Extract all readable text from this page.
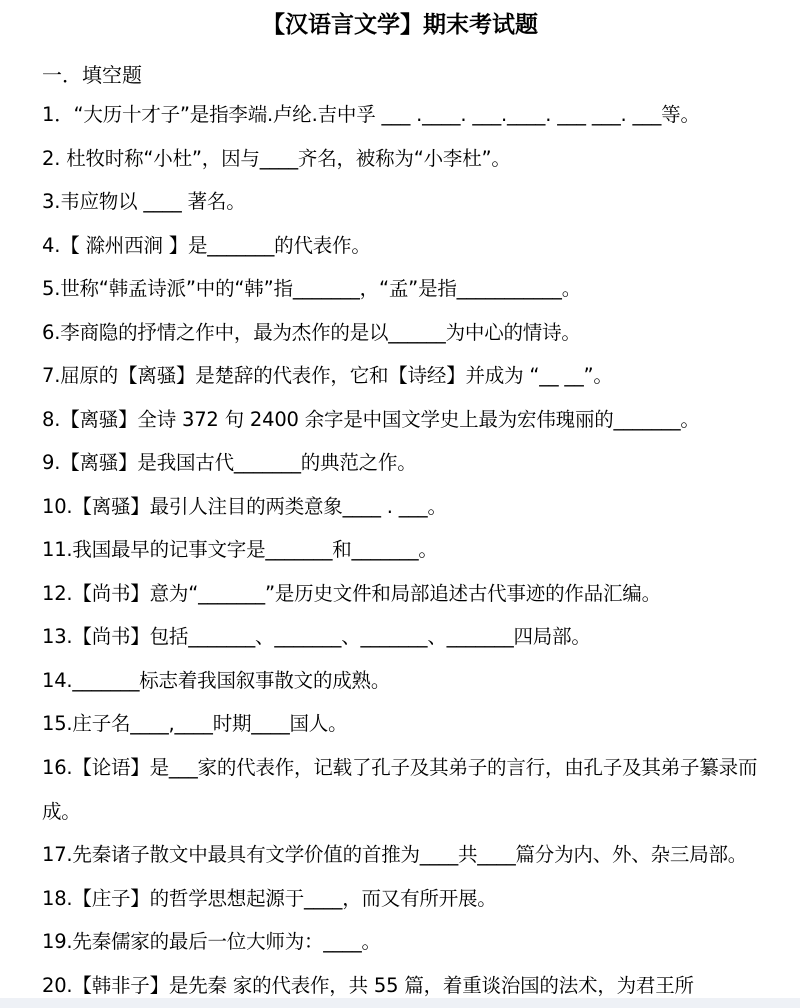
【汉语言文学】期末考试题
一．填空题
1．“大历十才子”是指李端.卢纶.吉中孚 ___ .____. ___.____. ___ ___. ___等。
2. 杜牧时称“小杜”，因与____齐名，被称为“小李杜”。
3.韦应物以 ____ 著名。
4.【 滁州西涧 】是_______的代表作。
5.世称“韩孟诗派”中的“韩”指_______，“孟”是指___________。
6.李商隐的抒情之作中，最为杰作的是以______为中心的情诗。
7.屈原的【离骚】是楚辞的代表作，它和【诗经】并成为 “__ __”。
8.【离骚】全诗 372 句 2400 余字是中国文学史上最为宏伟瑰丽的_______。
9.【离骚】是我国古代_______的典范之作。
10.【离骚】最引人注目的两类意象____ . ___。
11.我国最早的记事文字是_______和_______。
12.【尚书】意为“_______”是历史文件和局部追述古代事迹的作品汇编。
13.【尚书】包括_______、_______、_______、_______四局部。
14._______标志着我国叙事散文的成熟。
15.庄子名____,____时期____国人。
16.【论语】是___家的代表作，记载了孔子及其弟子的言行，由孔子及其弟子纂录而成。
17.先秦诸子散文中最具有文学价值的首推为____共____篇分为内、外、杂三局部。
18.【庄子】的哲学思想起源于____，而又有所开展。
19.先秦儒家的最后一位大师为：____。
20.【韩非子】是先秦 家的代表作，共 55 篇，着重谈治国的法术，为君王所
